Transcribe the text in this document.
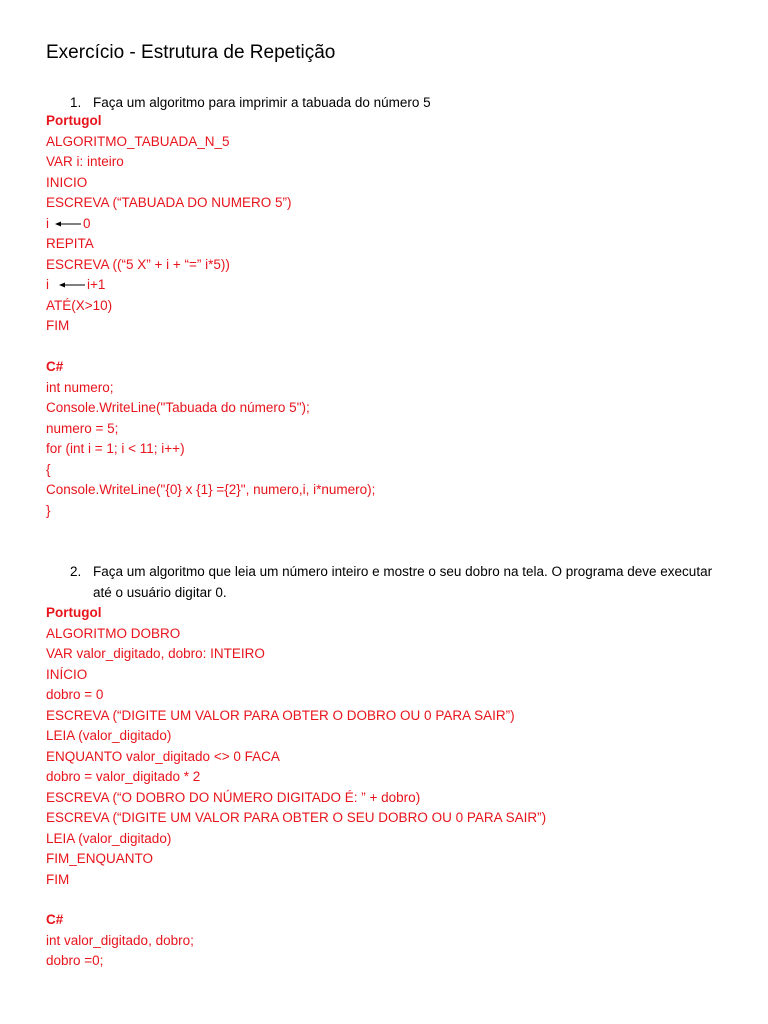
Exercício - Estrutura de Repetição
1. Faça um algoritmo para imprimir a tabuada do número 5
Portugol
ALGORITMO_TABUADA_N_5
VAR i: inteiro
INICIO
ESCREVA (“TABUADA DO NUMERO 5”)
i	0
REPITA
ESCREVA ((“5 X” + i + “=” i*5))
i	i+1
ATÉ(X>10)
FIM
C#
int numero;
Console.WriteLine("Tabuada do número 5");
numero = 5;
for (int i = 1; i < 11; i++)
{
Console.WriteLine("{0} x {1} ={2}", numero,i, i*numero);
}
2. Faça um algoritmo que leia um número inteiro e mostre o seu dobro na tela. O programa deve executar até o usuário digitar 0.
Portugol
ALGORITMO DOBRO
VAR valor_digitado, dobro: INTEIRO
INÍCIO
dobro = 0
ESCREVA (“DIGITE UM VALOR PARA OBTER O DOBRO OU 0 PARA SAIR”)
LEIA (valor_digitado)
ENQUANTO valor_digitado <> 0 FACA
dobro = valor_digitado * 2
ESCREVA (“O DOBRO DO NÚMERO DIGITADO É: ” + dobro)
ESCREVA (“DIGITE UM VALOR PARA OBTER O SEU DOBRO OU 0 PARA SAIR”)
LEIA (valor_digitado)
FIM_ENQUANTO
FIM
C#
int valor_digitado, dobro;
dobro =0;
